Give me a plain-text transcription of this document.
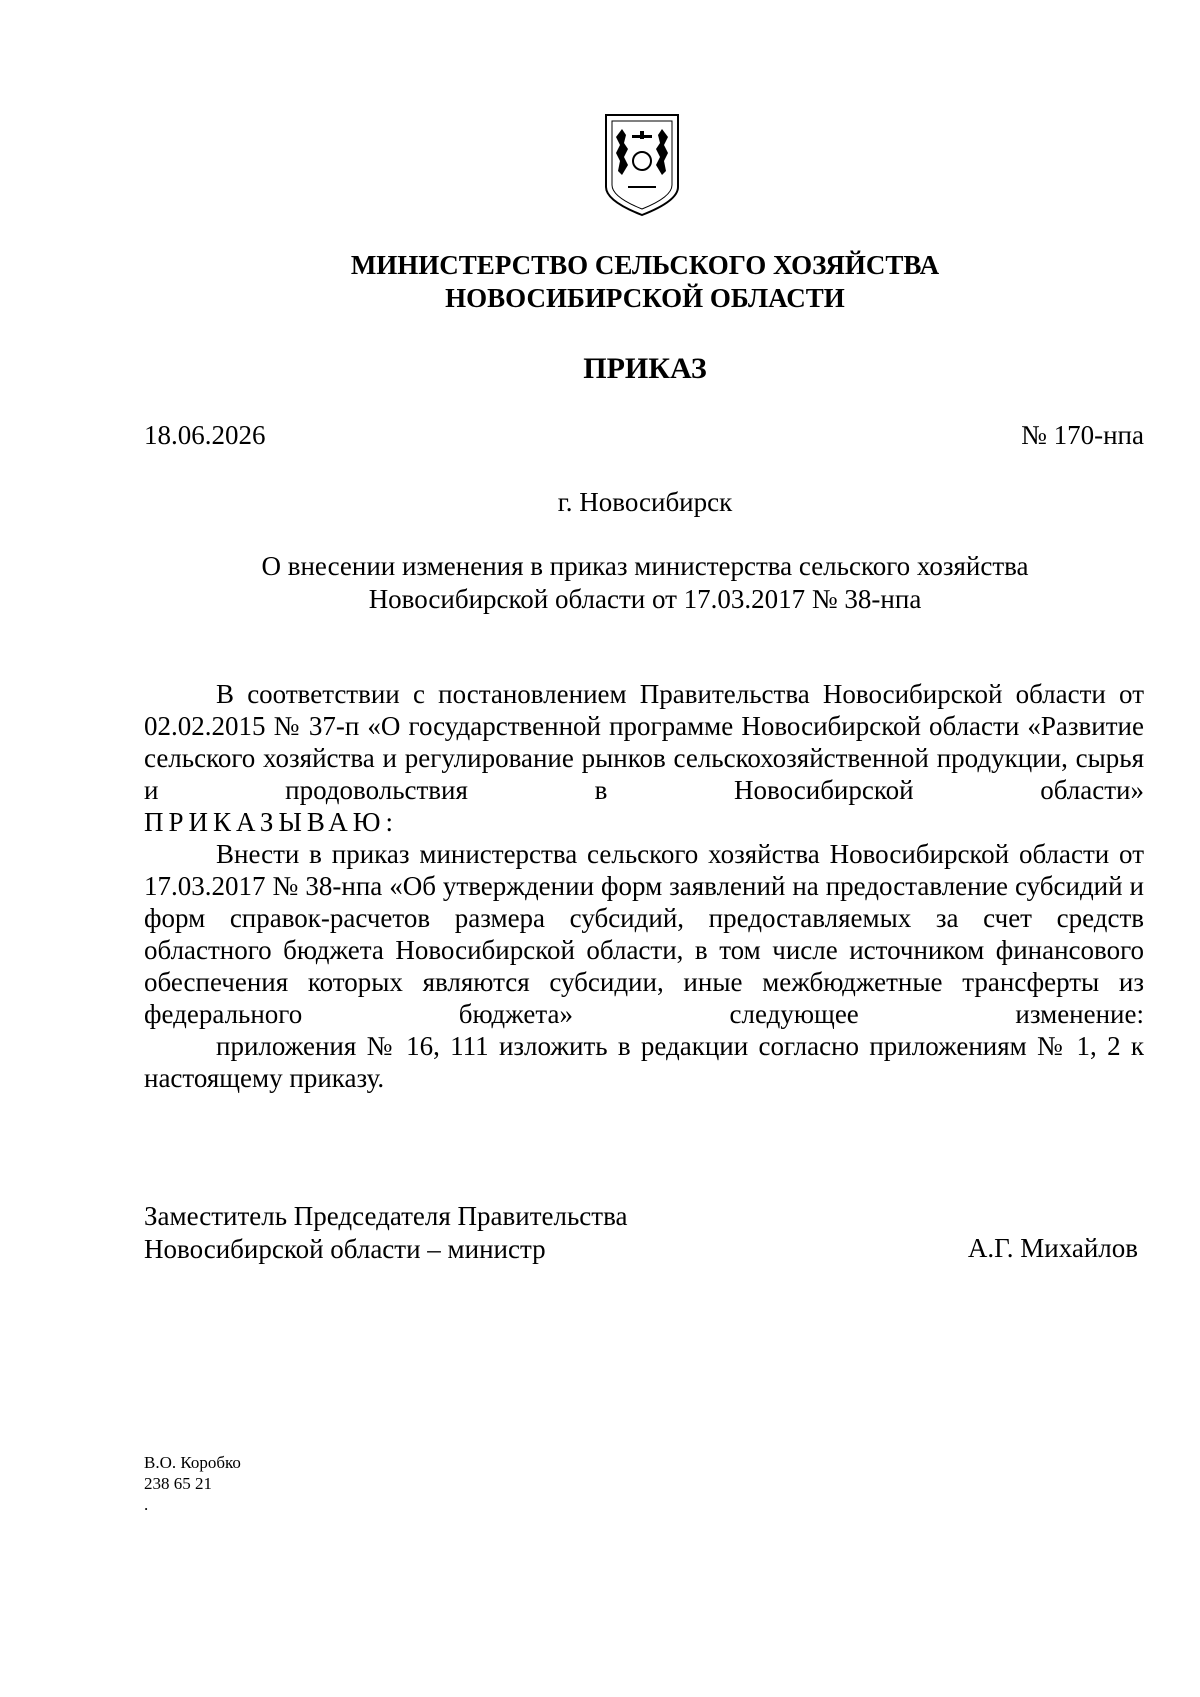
МИНИСТЕРСТВО СЕЛЬСКОГО ХОЗЯЙСТВА
НОВОСИБИРСКОЙ ОБЛАСТИ
ПРИКАЗ
18.06.2026	№ 170-нпа
г. Новосибирск
О внесении изменения в приказ министерства сельского хозяйства
Новосибирской области от 17.03.2017 № 38-нпа

В соответствии с постановлением Правительства Новосибирской области от 02.02.2015 № 37-п «О государственной программе Новосибирской области «Развитие сельского хозяйства и регулирование рынков сельскохозяйственной продукции, сырья и продовольствия в Новосибирской области»

ПРИКАЗЫВАЮ:

Внести в приказ министерства сельского хозяйства Новосибирской области от 17.03.2017 № 38-нпа «Об утверждении форм заявлений на предоставление субсидий и форм справок-расчетов размера субсидий, предоставляемых за счет средств областного бюджета Новосибирской области, в том числе источником финансового обеспечения которых являются субсидии, иные межбюджетные трансферты из федерального бюджета» следующее изменение:

приложения № 16, 111 изложить в редакции согласно приложениям № 1, 2 к настоящему приказу.

Заместитель Председателя Правительства
Новосибирской области – министр	А.Г. Михайлов
В.О. Коробко
238 65 21
.
